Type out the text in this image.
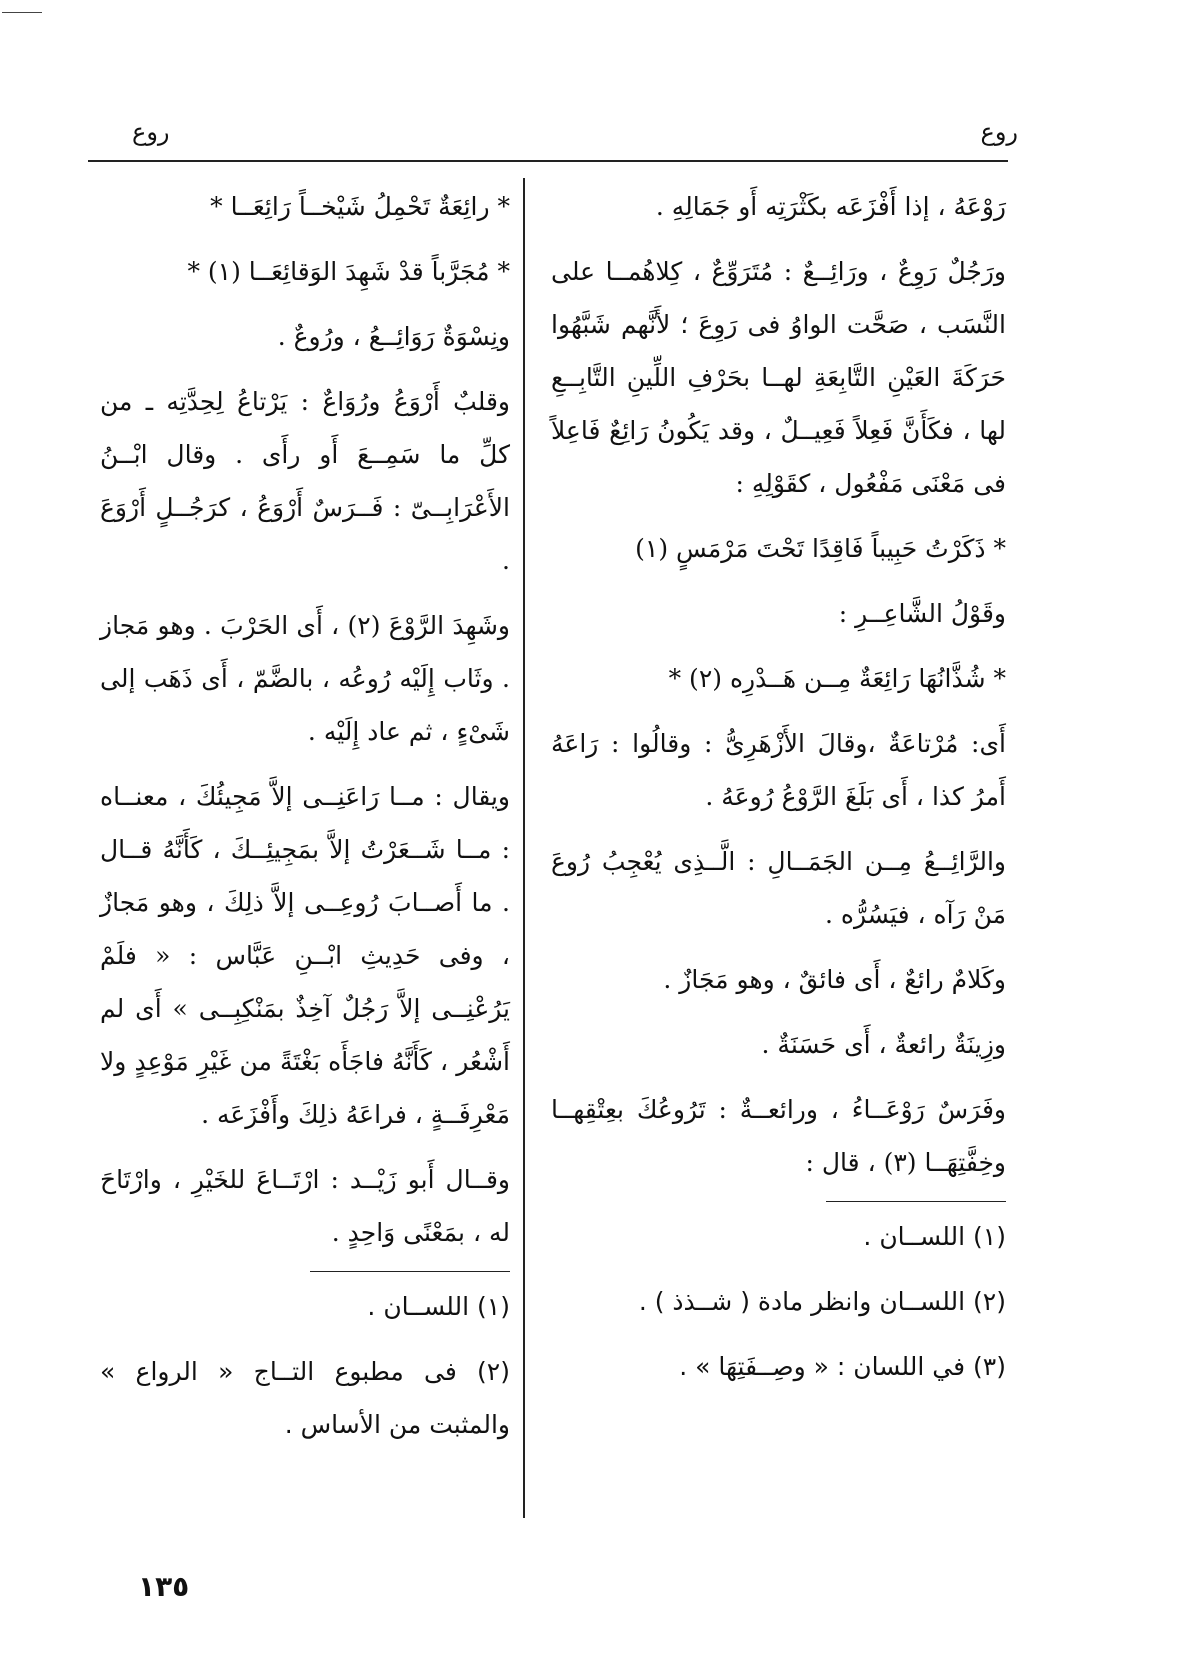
روع
روع

رَوْعَهُ ، إذا أَفْزَعَه بكَثْرَتِه أَو جَمَالِهِ .

ورَجُلٌ رَوِعٌ ، ورَائِــعٌ : مُتَرَوِّعٌ ، كِلاهُمــا على النَّسَب ، صَحَّت الواوُ فى رَوِعَ ؛ لأَنَّهم شَبَّهُوا حَرَكَةَ العَيْنِ التَّابِعَةِ لهــا بحَرْفِ اللِّينِ التَّابِــعِ لها ، فكَأَنَّ فَعِلاً فَعِيــلٌ ، وقد يَكُونُ رَائِعٌ فَاعِلاً فى مَعْنَى مَفْعُول ، كقَوْلِهِ :

* ذَكَرْتُ حَبِيباً فَاقِدًا تَحْتَ مَرْمَسٍ (١)

وقَوْلُ الشَّاعِــرِ :

* شُذَّانُهَا رَائِعَةٌ مِــن هَــدْرِه (٢) *

أَى: مُرْتاعَةٌ ،وقالَ الأَزْهَرِىُّ : وقالُوا : رَاعَهُ أَمرُ كذا ، أَى بَلَغَ الرَّوْعُ رُوعَهُ .

والرَّائِــعُ مِــن الجَمَــالِ : الَّــذِى يُعْجِبُ رُوعَ مَنْ رَآه ، فيَسُرُّه .

وكَلامٌ رائعٌ ، أَى فائقٌ ، وهو مَجَازٌ .

وزِينَةٌ رائعةٌ ، أَى حَسَنَةٌ .

وفَرَسٌ رَوْعَــاءُ ، ورائعــةٌ : تَرُوعُكَ بعِتْقِهــا وخِفَّتِهَــا (٣) ، قال :

(١) اللســان .

(٢) اللســان وانظر مادة ( شــذذ ) .

(٣) في اللسان : « وصِــفَتِهَا » .

* رائِعَةٌ تَحْمِلُ شَيْخــاً رَائِعَــا *

* مُجَرَّباً قدْ شَهِدَ الوَقائِعَــا (١) *

ونِسْوَةٌ رَوَائِــعُ ، ورُوعٌ .

وقلبٌ أَرْوَعُ ورُوَاعٌ : يَرْتاعُ لِحِدَّتِه ـ من كلِّ ما سَمِــعَ أَو رأَى . وقال ابْــنُ الأَعْرَابِــىّ : فَــرَسٌ أَرْوَعُ ، كرَجُــلٍ أَرْوَعَ .

وشَهِدَ الرَّوْعَ (٢) ، أَى الحَرْبَ . وهو مَجاز . وثَاب إِلَيْه رُوعُه ، بالضَّمّ ، أَى ذَهَب إلى شَىْءٍ ، ثم عاد إِلَيْه .

ويقال : مــا رَاعَنِــى إلاَّ مَجِيئُكَ ، معنــاه : مــا شَــعَرْتُ إلاَّ بمَجِيئِــكَ ، كَأَنَّهُ قــال . ما أَصــابَ رُوعِــى إلاَّ ذلِكَ ، وهو مَجازٌ ، وفى حَدِيثِ ابْــنِ عَبَّاس : « فلَمْ يَرُعْنِــى إلاَّ رَجُلٌ آخِذٌ بمَنْكِبِــى » أَى لم أَشْعُر ، كَأَنَّهُ فاجَأَه بَغْتَةً من غَيْرِ مَوْعِدٍ ولا مَعْرِفَــةٍ ، فراعَهُ ذلِكَ وأَفْزَعَه .

وقــال أَبو زَيْــد : ارْتَــاعَ للخَيْرِ ، وارْتَاحَ له ، بمَعْنًى وَاحِدٍ .

(١) اللســان .

(٢) فى مطبوع التــاج « الرواع » والمثبت من الأساس .

١٣٥
